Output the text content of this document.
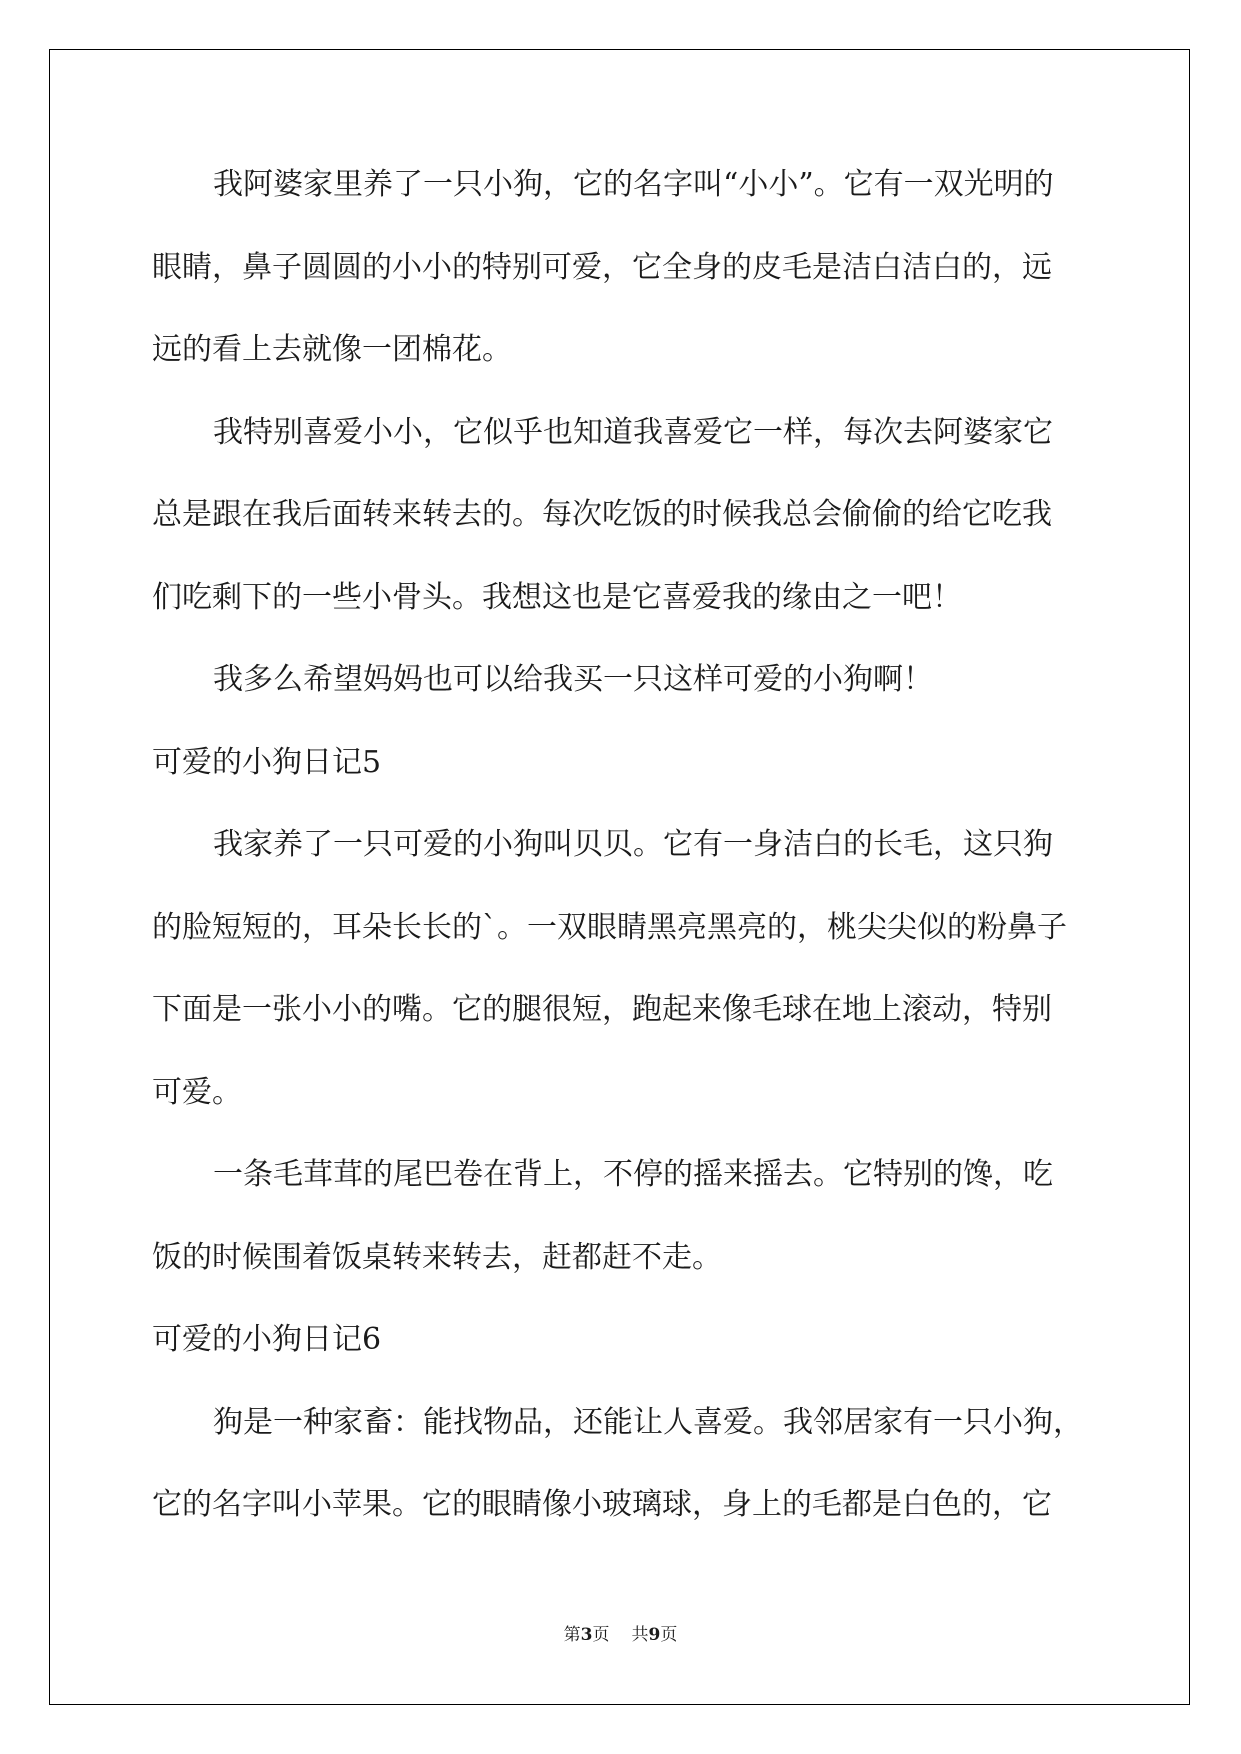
我阿婆家里养了一只小狗，它的名字叫“小小”。它有一双光明的
眼睛，鼻子圆圆的小小的特别可爱，它全身的皮毛是洁白洁白的，远
远的看上去就像一团棉花。
我特别喜爱小小，它似乎也知道我喜爱它一样，每次去阿婆家它
总是跟在我后面转来转去的。每次吃饭的时候我总会偷偷的给它吃我
们吃剩下的一些小骨头。我想这也是它喜爱我的缘由之一吧！
我多么希望妈妈也可以给我买一只这样可爱的小狗啊！
可爱的小狗日记5
我家养了一只可爱的小狗叫贝贝。它有一身洁白的长毛，这只狗
的脸短短的，耳朵长长的`。一双眼睛黑亮黑亮的，桃尖尖似的粉鼻子
下面是一张小小的嘴。它的腿很短，跑起来像毛球在地上滚动，特别
可爱。
一条毛茸茸的尾巴卷在背上，不停的摇来摇去。它特别的馋，吃
饭的时候围着饭桌转来转去，赶都赶不走。
可爱的小狗日记6
狗是一种家畜：能找物品，还能让人喜爱。我邻居家有一只小狗，
它的名字叫小苹果。它的眼睛像小玻璃球，身上的毛都是白色的，它
第3页 共9页
